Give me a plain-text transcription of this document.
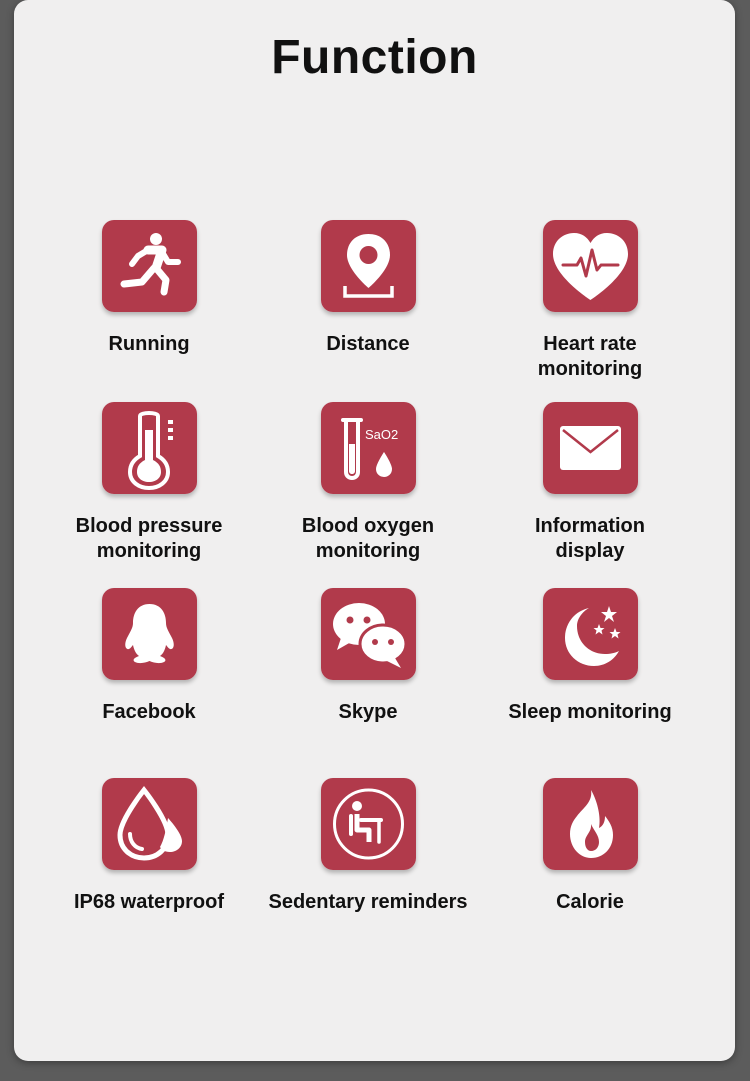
Function
Running	Distance	Heart rate
monitoring
Blood pressure
monitoring
SaO2
Blood oxygen
monitoring
Information
display
Facebook	Skype	Sleep monitoring
IP68 waterproof	Sedentary reminders	Calorie
